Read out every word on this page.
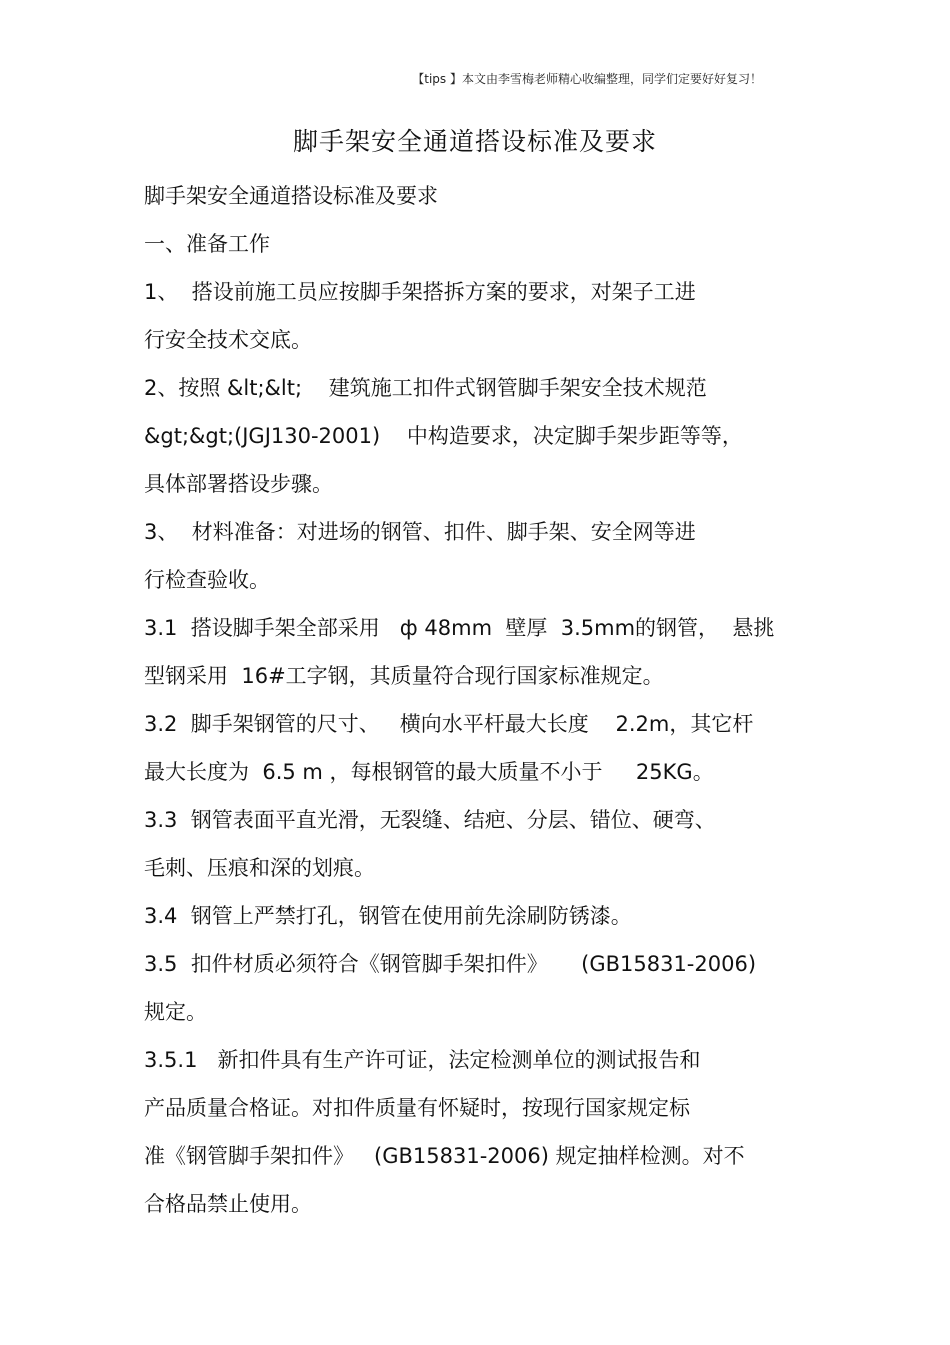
【tips 】本文由李雪梅老师精心收编整理，同学们定要好好复习！
脚手架安全通道搭设标准及要求
脚手架安全通道搭设标准及要求
一、准备工作
1、  搭设前施工员应按脚手架搭拆方案的要求，对架子工进
行安全技术交底。
2、按照 &lt;&lt;    建筑施工扣件式钢管脚手架安全技术规范
&gt;&gt;(JGJ130-2001)    中构造要求，决定脚手架步距等等，
具体部署搭设步骤。
3、  材料准备：对进场的钢管、扣件、脚手架、安全网等进
行检查验收。
3.1  搭设脚手架全部采用   ф 48mm  壁厚  3.5mm的钢管，  悬挑
型钢采用  16#工字钢，其质量符合现行国家标准规定。
3.2  脚手架钢管的尺寸、   横向水平杆最大长度    2.2m，其它杆
最大长度为  6.5 m ，每根钢管的最大质量不小于     25KG。
3.3  钢管表面平直光滑，无裂缝、结疤、分层、错位、硬弯、
毛刺、压痕和深的划痕。
3.4  钢管上严禁打孔，钢管在使用前先涂刷防锈漆。
3.5  扣件材质必须符合《钢管脚手架扣件》     (GB15831-2006)
规定。
3.5.1   新扣件具有生产许可证，法定检测单位的测试报告和
产品质量合格证。对扣件质量有怀疑时，按现行国家规定标
准《钢管脚手架扣件》   (GB15831-2006) 规定抽样检测。对不
合格品禁止使用。
